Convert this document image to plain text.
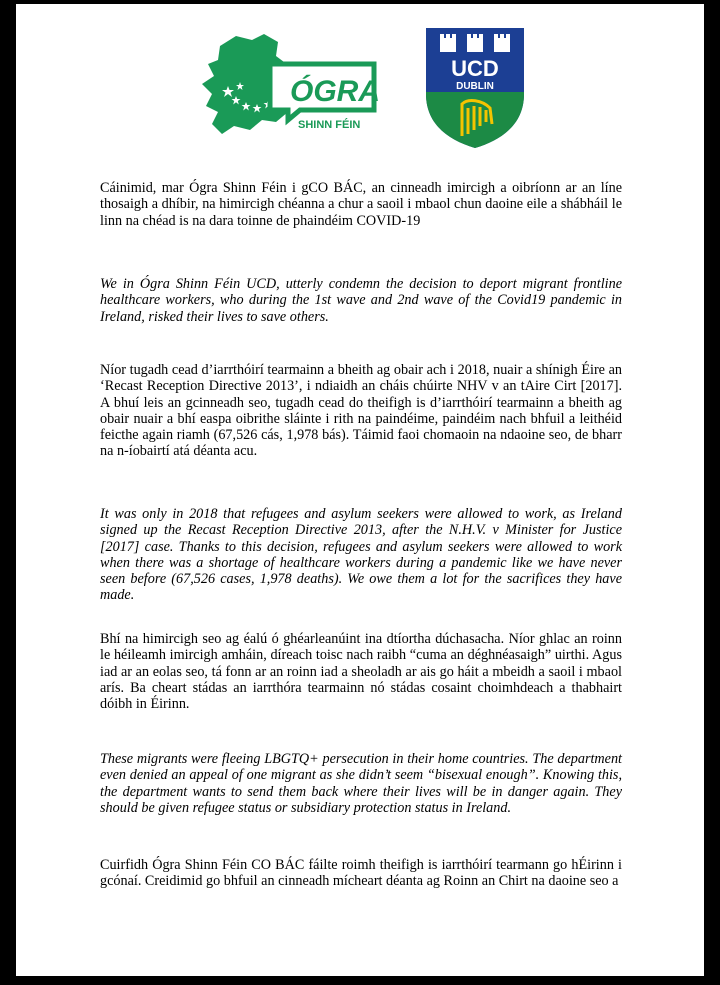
ÓGRA
SHINN FÉIN
UCD
DUBLIN

Cáinimid, mar Ógra Shinn Féin i gCO BÁC, an cinneadh imircigh a oibríonn ar an líne thosaigh a dhíbir, na himircigh chéanna a chur a saoil i mbaol chun daoine eile a shábháil le linn na chéad is na dara toinne de phaindéim COVID-19

We in Ógra Shinn Féin UCD, utterly condemn the decision to deport migrant frontline healthcare workers, who during the 1st wave and 2nd wave of the Covid19 pandemic in Ireland, risked their lives to save others.

Níor tugadh cead d’iarrthóirí tearmainn a bheith ag obair ach i 2018, nuair a shínigh Éire an ‘Recast Reception Directive 2013’, i ndiaidh an cháis chúirte NHV v an tAire Cirt [2017]. A bhuí leis an gcinneadh seo, tugadh cead do theifigh is d’iarrthóirí tearmainn a bheith ag obair nuair a bhí easpa oibrithe sláinte i rith na paindéime, paindéim nach bhfuil a leithéid feicthe again riamh (67,526 cás, 1,978 bás). Táimid faoi chomaoin na ndaoine seo, de bharr na n-íobairtí atá déanta acu.

It was only in 2018 that refugees and asylum seekers were allowed to work, as Ireland signed up the Recast Reception Directive 2013, after the N.H.V. v Minister for Justice [2017] case. Thanks to this decision, refugees and asylum seekers were allowed to work when there was a shortage of healthcare workers during a pandemic like we have never seen before (67,526 cases, 1,978 deaths). We owe them a lot for the sacrifices they have made.

Bhí na himircigh seo ag éalú ó ghéarleanúint ina dtíortha dúchasacha. Níor ghlac an roinn le héileamh imircigh amháin, díreach toisc nach raibh “cuma an déghnéasaigh” uirthi. Agus iad ar an eolas seo, tá fonn ar an roinn iad a sheoladh ar ais go háit a mbeidh a saoil i mbaol arís. Ba cheart stádas an iarrthóra tearmainn nó stádas cosaint choimhdeach a thabhairt dóibh in Éirinn.

These migrants were fleeing LBGTQ+ persecution in their home countries. The department even denied an appeal of one migrant as she didn’t seem “bisexual enough”. Knowing this, the department wants to send them back where their lives will be in danger again. They should be given refugee status or subsidiary protection status in Ireland.

Cuirfidh Ógra Shinn Féin CO BÁC fáilte roimh theifigh is iarrthóirí tearmann go hÉirinn i gcónaí. Creidimid go bhfuil an cinneadh mícheart déanta ag Roinn an Chirt na daoine seo a
